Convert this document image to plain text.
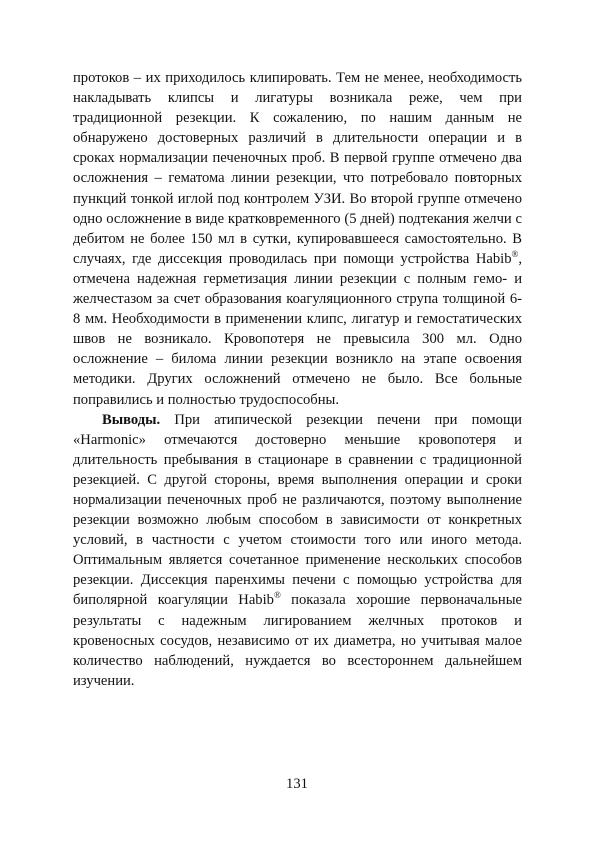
протоков – их приходилось клипировать. Тем не менее, необходимость накладывать клипсы и лигатуры возникала реже, чем при традиционной резекции. К сожалению, по нашим данным не обнаружено достоверных различий в длительности операции и в сроках нормализации печеночных проб. В первой группе отмечено два осложнения – гематома линии резекции, что потребовало повторных пункций тонкой иглой под контролем УЗИ. Во второй группе отмечено одно осложнение в виде кратковременного (5 дней) подтекания желчи с дебитом не более 150 мл в сутки, купировавшееся самостоятельно. В случаях, где диссекция проводилась при помощи устройства Habib®, отмечена надежная герметизация линии резекции с полным гемо- и желчестазом за счет образования коагуляционного струпа толщиной 6-8 мм. Необходимости в применении клипс, лигатур и гемостатических швов не возникало. Кровопотеря не превысила 300 мл. Одно осложнение – билома линии резекции возникло на этапе освоения методики. Других осложнений отмечено не было. Все больные поправились и полностью трудоспособны.

Выводы. При атипической резекции печени при помощи «Harmonic» отмечаются достоверно меньшие кровопотеря и длительность пребывания в стационаре в сравнении с традиционной резекцией. С другой стороны, время выполнения операции и сроки нормализации печеночных проб не различаются, поэтому выполнение резекции возможно любым способом в зависимости от конкретных условий, в частности с учетом стоимости того или иного метода. Оптимальным является сочетанное применение нескольких способов резекции. Диссекция паренхимы печени с помощью устройства для биполярной коагуляции Habib® показала хорошие первоначальные результаты с надежным лигированием желчных протоков и кровеносных сосудов, независимо от их диаметра, но учитывая малое количество наблюдений, нуждается во всестороннем дальнейшем изучении.

131
